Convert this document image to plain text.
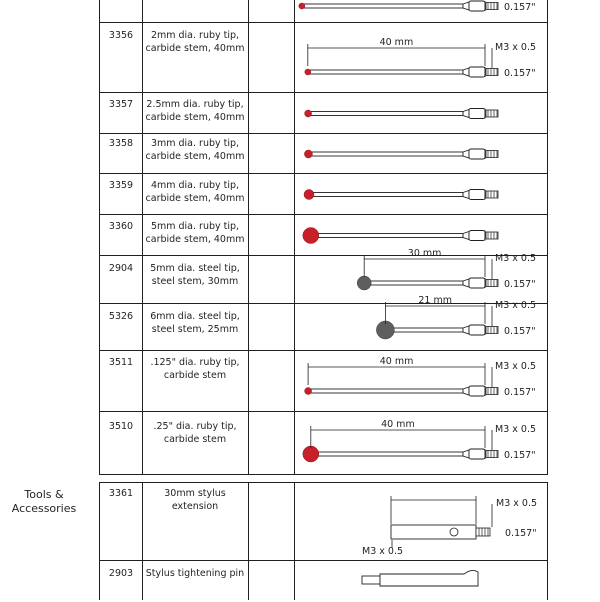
0.157"
3356	2mm dia. ruby tip,
carbide stem, 40mm	40 mm	M3 x 0.5
0.157"
3357	2.5mm dia. ruby tip,
carbide stem, 40mm
3358	3mm dia. ruby tip,
carbide stem, 40mm
3359	4mm dia. ruby tip,
carbide stem, 40mm
3360	5mm dia. ruby tip,
carbide stem, 40mm
2904	5mm dia. steel tip,
steel stem, 30mm
30 mm	M3 x 0.5
0.157"
5326	6mm dia. steel tip,
steel stem, 25mm
21 mm	M3 x 0.5
0.157"
3511	.125" dia. ruby tip,
carbide stem
40 mm	M3 x 0.5
0.157"
3510	.25" dia. ruby tip,
carbide stem
40 mm	M3 x 0.5
0.157"
3361	30mm stylus
extension	M3 x 0.5
0.157"
M3 x 0.5
2903	Stylus tightening pin
Tools & Accessories
